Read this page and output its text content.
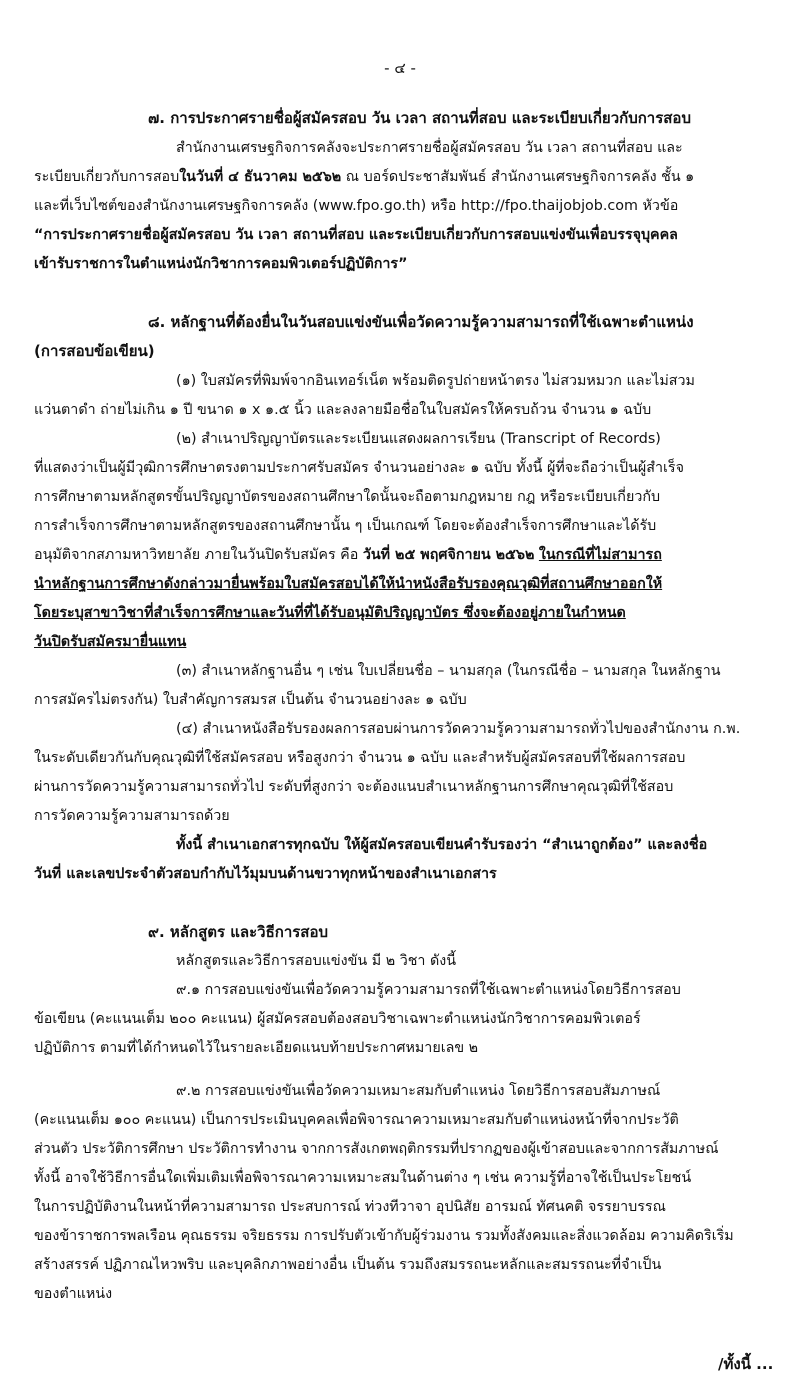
- ๔ -
๗. การประกาศรายชื่อผู้สมัครสอบ วัน เวลา สถานที่สอบ และระเบียบเกี่ยวกับการสอบ
สำนักงานเศรษฐกิจการคลังจะประกาศรายชื่อผู้สมัครสอบ วัน เวลา สถานที่สอบ และ
ระเบียบเกี่ยวกับการสอบในวันที่ ๔ ธันวาคม ๒๕๖๒ ณ บอร์ดประชาสัมพันธ์ สำนักงานเศรษฐกิจการคลัง ชั้น ๑
และที่เว็บไซต์ของสำนักงานเศรษฐกิจการคลัง (www.fpo.go.th) หรือ http://fpo.thaijobjob.com หัวข้อ
“การประกาศรายชื่อผู้สมัครสอบ วัน เวลา สถานที่สอบ และระเบียบเกี่ยวกับการสอบแข่งขันเพื่อบรรจุบุคคล
เข้ารับราชการในตำแหน่งนักวิชาการคอมพิวเตอร์ปฏิบัติการ”
๘. หลักฐานที่ต้องยื่นในวันสอบแข่งขันเพื่อวัดความรู้ความสามารถที่ใช้เฉพาะตำแหน่ง
(การสอบข้อเขียน)
(๑) ใบสมัครที่พิมพ์จากอินเทอร์เน็ต พร้อมติดรูปถ่ายหน้าตรง ไม่สวมหมวก และไม่สวม
แว่นตาดำ ถ่ายไม่เกิน ๑ ปี ขนาด ๑ x ๑.๕ นิ้ว และลงลายมือชื่อในใบสมัครให้ครบถ้วน จำนวน ๑ ฉบับ
(๒) สำเนาปริญญาบัตรและระเบียนแสดงผลการเรียน (Transcript of Records)
ที่แสดงว่าเป็นผู้มีวุฒิการศึกษาตรงตามประกาศรับสมัคร จำนวนอย่างละ ๑ ฉบับ ทั้งนี้ ผู้ที่จะถือว่าเป็นผู้สำเร็จ
การศึกษาตามหลักสูตรขั้นปริญญาบัตรของสถานศึกษาใดนั้นจะถือตามกฎหมาย กฎ หรือระเบียบเกี่ยวกับ
การสำเร็จการศึกษาตามหลักสูตรของสถานศึกษานั้น ๆ เป็นเกณฑ์ โดยจะต้องสำเร็จการศึกษาและได้รับ
อนุมัติจากสภามหาวิทยาลัย ภายในวันปิดรับสมัคร คือ วันที่ ๒๕ พฤศจิกายน ๒๕๖๒ ในกรณีที่ไม่สามารถ
นำหลักฐานการศึกษาดังกล่าวมายื่นพร้อมใบสมัครสอบได้ให้นำหนังสือรับรองคุณวุฒิที่สถานศึกษาออกให้
โดยระบุสาขาวิชาที่สำเร็จการศึกษาและวันที่ที่ได้รับอนุมัติปริญญาบัตร ซึ่งจะต้องอยู่ภายในกำหนด
วันปิดรับสมัครมายื่นแทน
(๓) สำเนาหลักฐานอื่น ๆ เช่น ใบเปลี่ยนชื่อ – นามสกุล (ในกรณีชื่อ – นามสกุล ในหลักฐาน
การสมัครไม่ตรงกัน) ใบสำคัญการสมรส เป็นต้น จำนวนอย่างละ ๑ ฉบับ
(๔) สำเนาหนังสือรับรองผลการสอบผ่านการวัดความรู้ความสามารถทั่วไปของสำนักงาน ก.พ.
ในระดับเดียวกันกับคุณวุฒิที่ใช้สมัครสอบ หรือสูงกว่า จำนวน ๑ ฉบับ และสำหรับผู้สมัครสอบที่ใช้ผลการสอบ
ผ่านการวัดความรู้ความสามารถทั่วไป ระดับที่สูงกว่า จะต้องแนบสำเนาหลักฐานการศึกษาคุณวุฒิที่ใช้สอบ
การวัดความรู้ความสามารถด้วย
ทั้งนี้ สำเนาเอกสารทุกฉบับ ให้ผู้สมัครสอบเขียนคำรับรองว่า “สำเนาถูกต้อง” และลงชื่อ
วันที่ และเลขประจำตัวสอบกำกับไว้มุมบนด้านขวาทุกหน้าของสำเนาเอกสาร
๙. หลักสูตร และวิธีการสอบ
หลักสูตรและวิธีการสอบแข่งขัน มี ๒ วิชา ดังนี้
๙.๑ การสอบแข่งขันเพื่อวัดความรู้ความสามารถที่ใช้เฉพาะตำแหน่งโดยวิธีการสอบ
ข้อเขียน (คะแนนเต็ม ๒๐๐ คะแนน) ผู้สมัครสอบต้องสอบวิชาเฉพาะตำแหน่งนักวิชาการคอมพิวเตอร์
ปฏิบัติการ ตามที่ได้กำหนดไว้ในรายละเอียดแนบท้ายประกาศหมายเลข ๒
๙.๒ การสอบแข่งขันเพื่อวัดความเหมาะสมกับตำแหน่ง โดยวิธีการสอบสัมภาษณ์
(คะแนนเต็ม ๑๐๐ คะแนน) เป็นการประเมินบุคคลเพื่อพิจารณาความเหมาะสมกับตำแหน่งหน้าที่จากประวัติ
ส่วนตัว ประวัติการศึกษา ประวัติการทำงาน จากการสังเกตพฤติกรรมที่ปรากฏของผู้เข้าสอบและจากการสัมภาษณ์
ทั้งนี้ อาจใช้วิธีการอื่นใดเพิ่มเติมเพื่อพิจารณาความเหมาะสมในด้านต่าง ๆ เช่น ความรู้ที่อาจใช้เป็นประโยชน์
ในการปฏิบัติงานในหน้าที่ความสามารถ ประสบการณ์ ท่วงทีวาจา อุปนิสัย อารมณ์ ทัศนคติ จรรยาบรรณ
ของข้าราชการพลเรือน คุณธรรม จริยธรรม การปรับตัวเข้ากับผู้ร่วมงาน รวมทั้งสังคมและสิ่งแวดล้อม ความคิดริเริ่ม
สร้างสรรค์ ปฏิภาณไหวพริบ และบุคลิกภาพอย่างอื่น เป็นต้น รวมถึงสมรรถนะหลักและสมรรถนะที่จำเป็น
ของตำแหน่ง
/ทั้งนี้ ...
